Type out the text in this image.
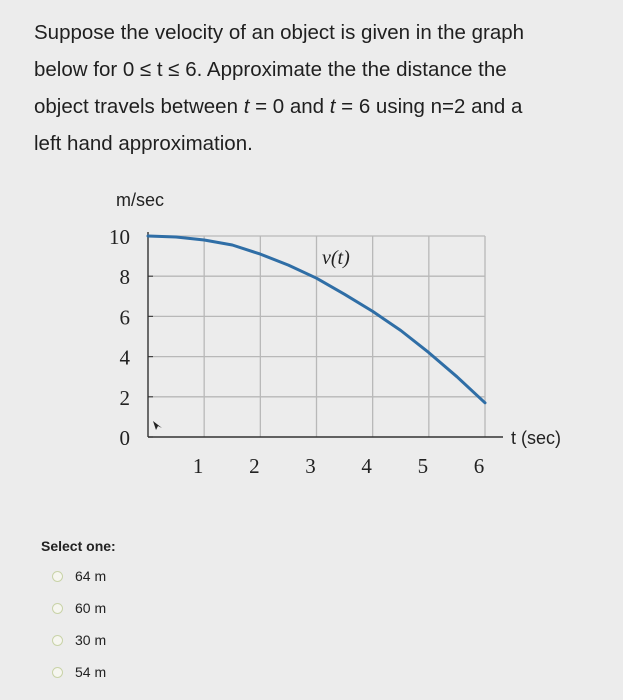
Suppose the velocity of an object is given in the graph
below for 0 ≤ t ≤ 6. Approximate the the distance the
object travels between t = 0 and t = 6 using n=2 and a
left hand approximation.
m/sec
t (sec)
v(t)
0
2
4
6
8
10
1 2 3 4 5 6
Select one:
64 m
60 m
30 m
54 m
